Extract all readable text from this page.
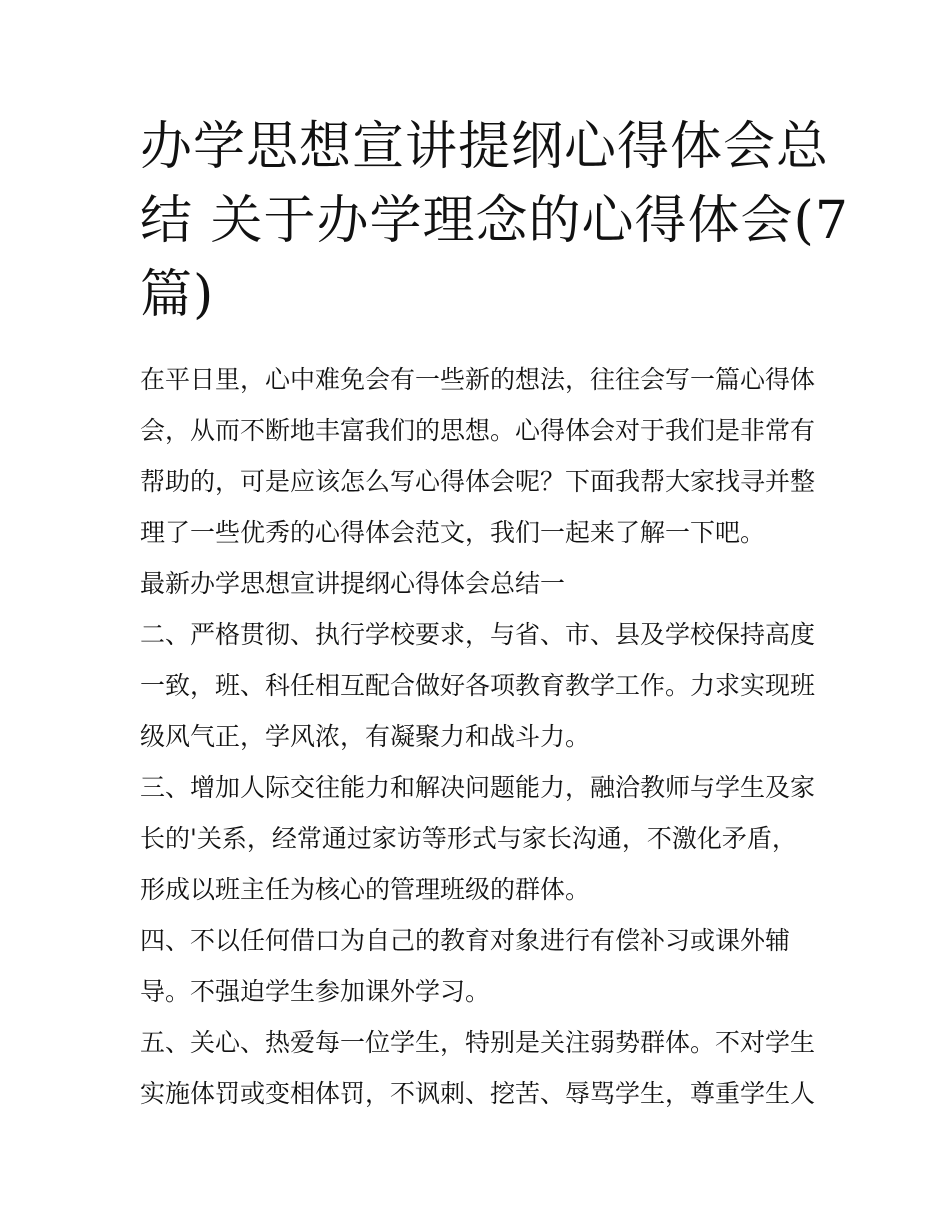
办学思想宣讲提纲心得体会总
结 关于办学理念的心得体会(7
篇)
在平日里，心中难免会有一些新的想法，往往会写一篇心得体
会，从而不断地丰富我们的思想。心得体会对于我们是非常有
帮助的，可是应该怎么写心得体会呢？下面我帮大家找寻并整
理了一些优秀的心得体会范文，我们一起来了解一下吧。
最新办学思想宣讲提纲心得体会总结一
二、严格贯彻、执行学校要求，与省、市、县及学校保持高度
一致，班、科任相互配合做好各项教育教学工作。力求实现班
级风气正，学风浓，有凝聚力和战斗力。
三、增加人际交往能力和解决问题能力，融洽教师与学生及家
长的'关系，经常通过家访等形式与家长沟通，不激化矛盾，
形成以班主任为核心的管理班级的群体。
四、不以任何借口为自己的教育对象进行有偿补习或课外辅
导。不强迫学生参加课外学习。
五、关心、热爱每一位学生，特别是关注弱势群体。不对学生
实施体罚或变相体罚，不讽刺、挖苦、辱骂学生，尊重学生人
